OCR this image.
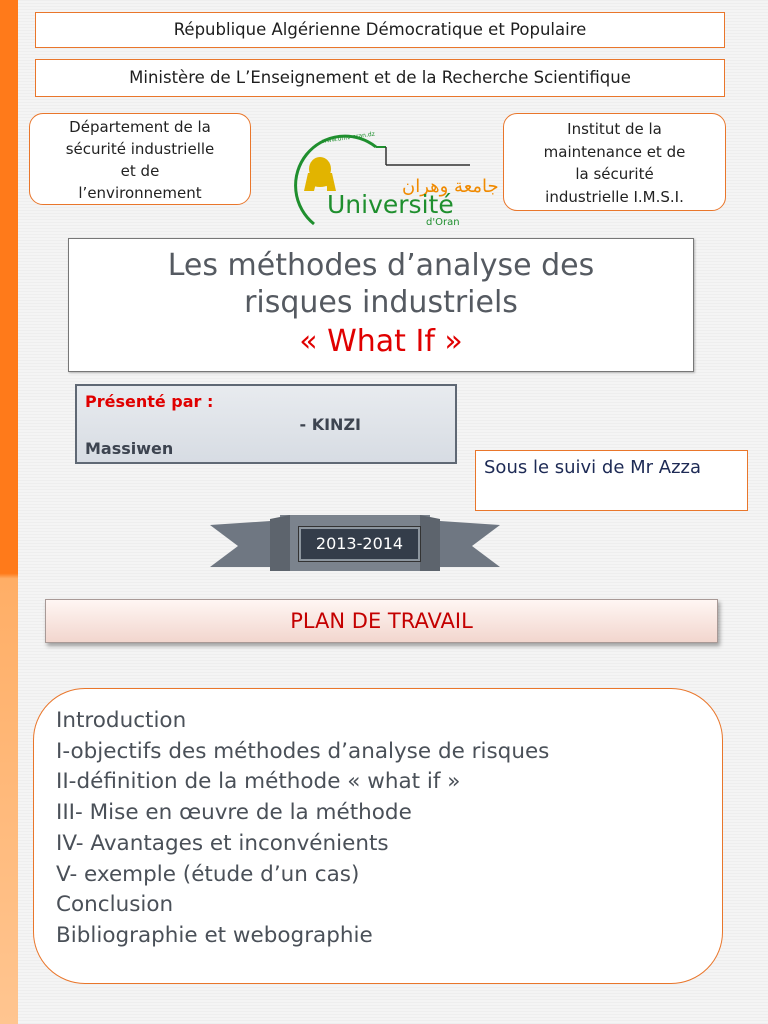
République Algérienne Démocratique et Populaire
Ministère de L’Enseignement et de la Recherche Scientifique
Département de la
sécurité industrielle
et de
l’environnement
www.univ-oran.dz
جامعة وهران
Université
d'Oran
Institut de la
maintenance et de
la sécurité
industrielle I.M.S.I.
Les méthodes d’analyse des
risques industriels
« What If »
Présenté par :
- KINZI
Massiwen
Sous le suivi de Mr Azza
2013-2014
PLAN DE TRAVAIL
Introduction
I-objectifs des méthodes d’analyse de risques
II-définition de la méthode « what if »
III- Mise en œuvre de la méthode
IV- Avantages et inconvénients
V- exemple (étude d’un cas)
Conclusion
Bibliographie et webographie
